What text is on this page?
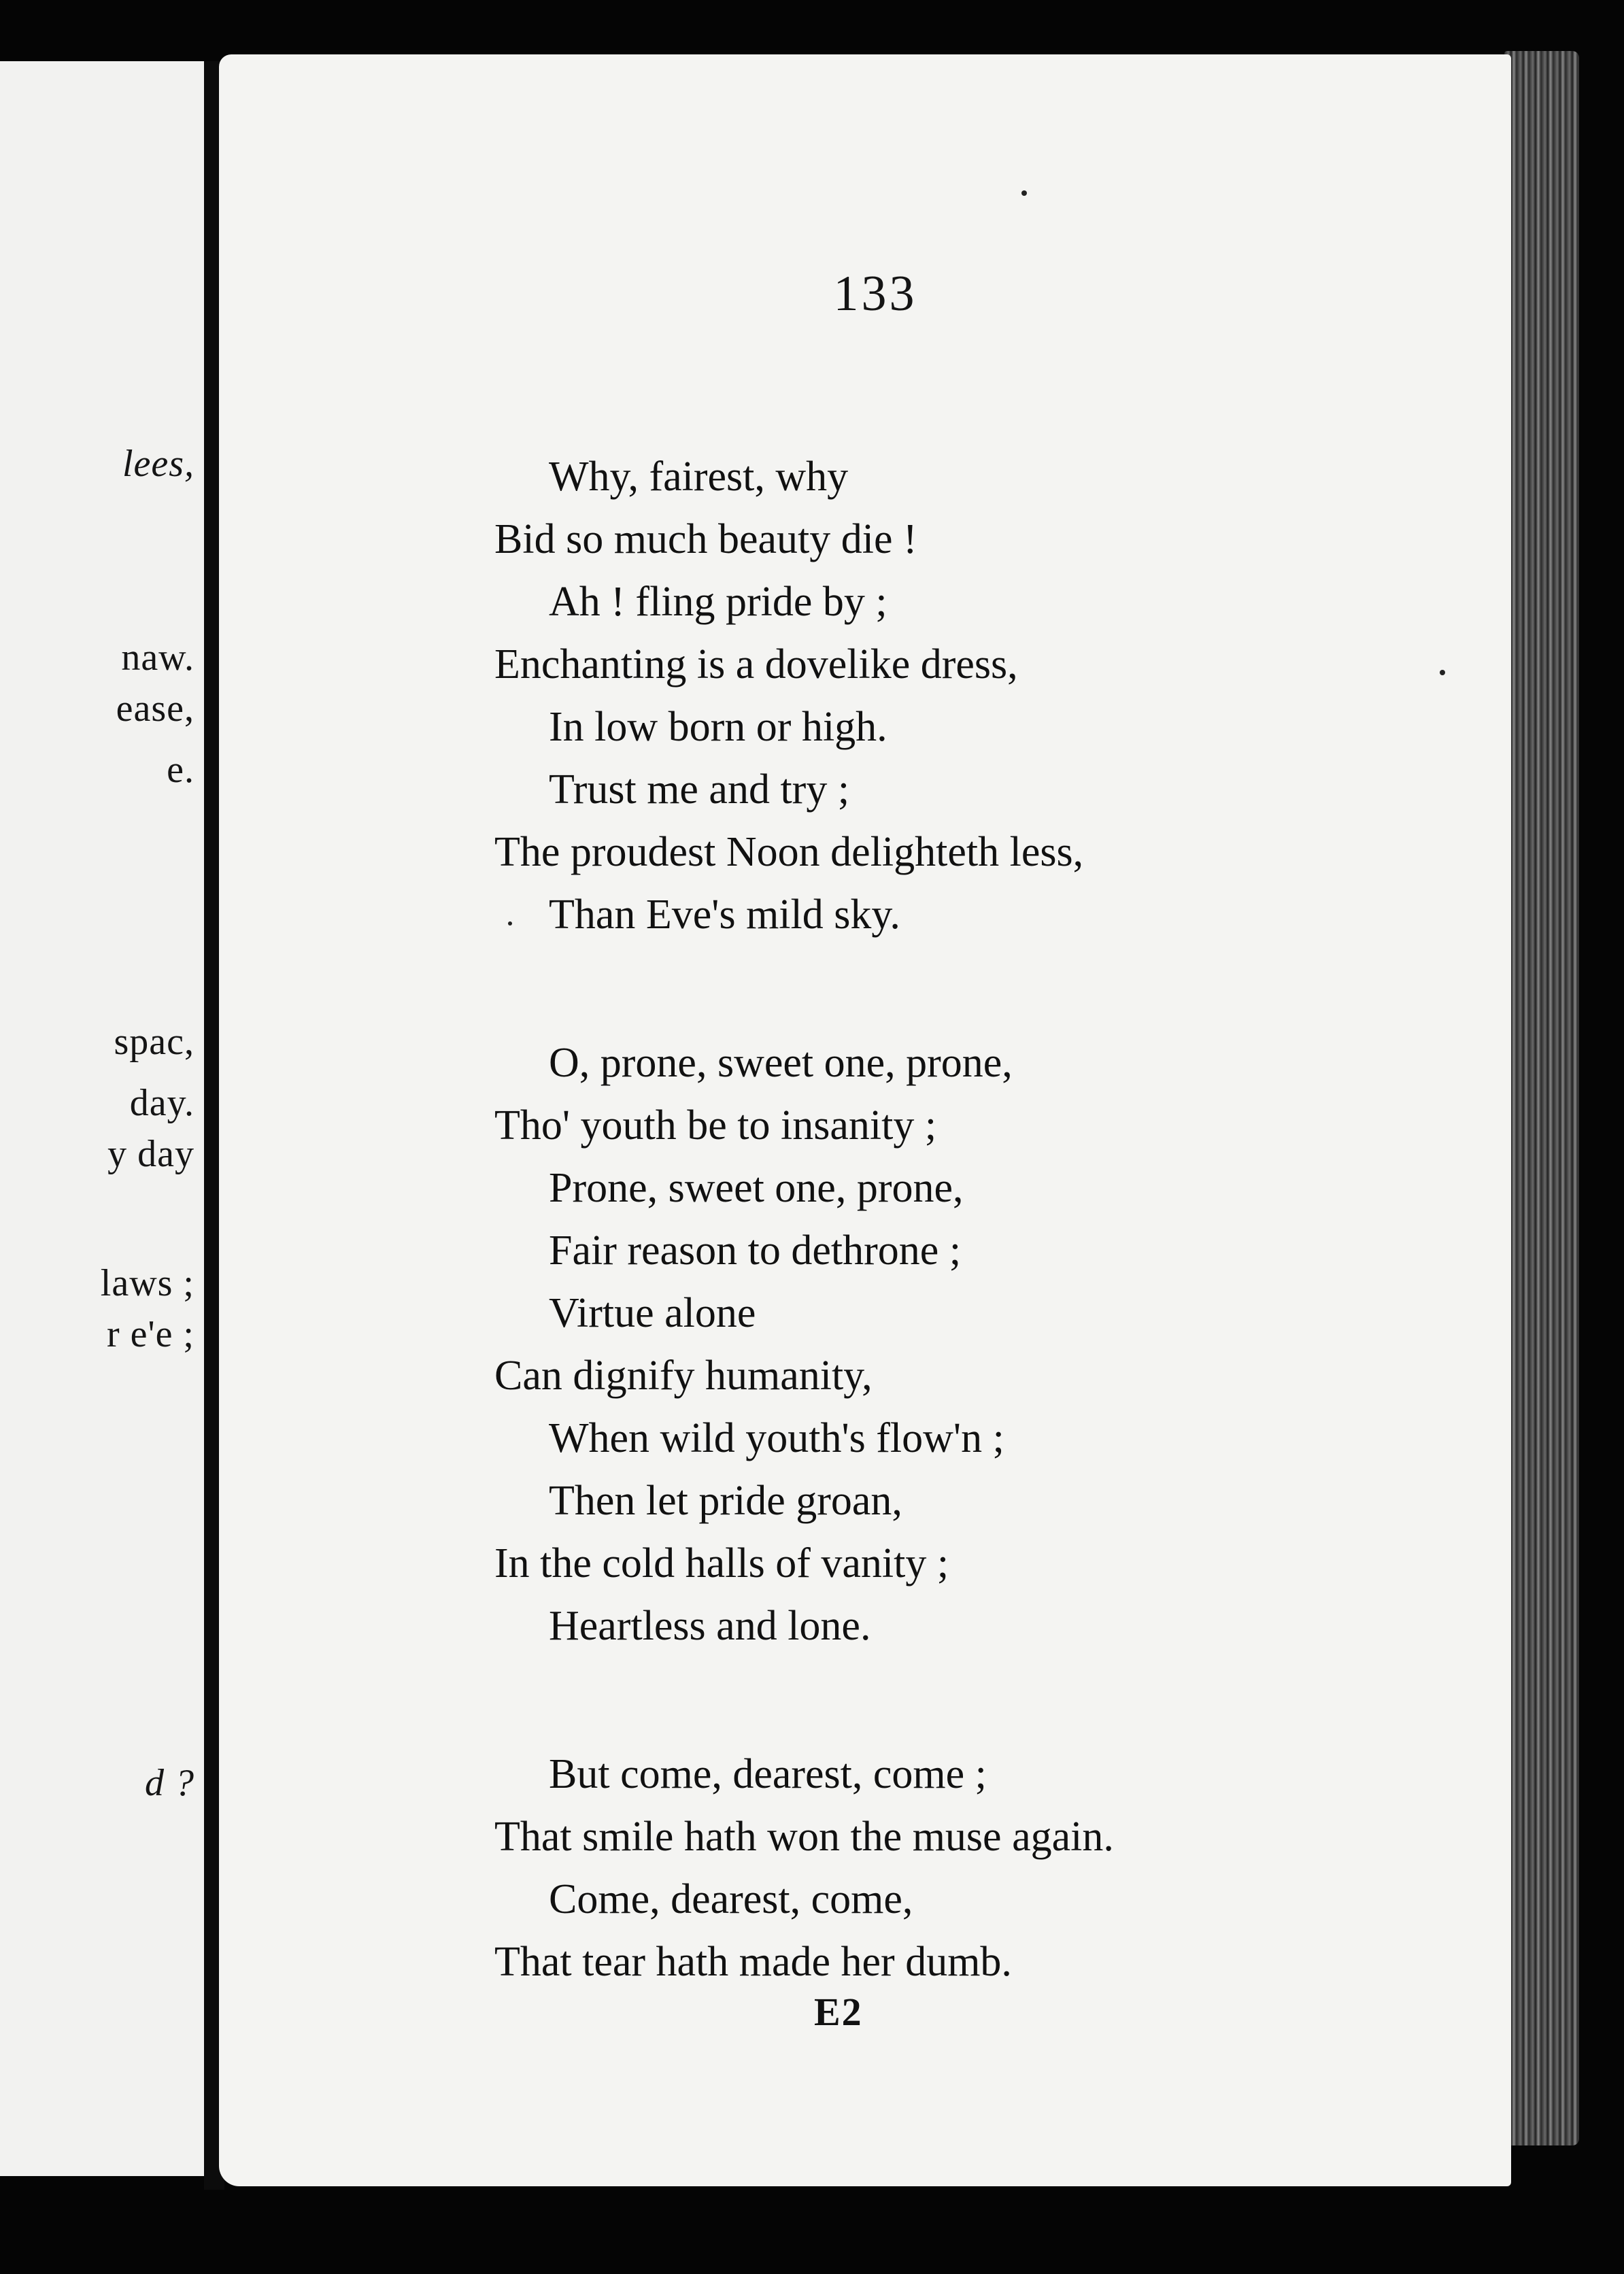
lees,
naw.
ease,
e.
spac,
day.
y day
laws ;
r e'e ;
d ?
133
Why, fairest, why
Bid so much beauty die !
Ah ! fling pride by ;
Enchanting is a dovelike dress,
In low born or high.
Trust me and try ;
The proudest Noon delighteth less,
Than Eve's mild sky.
O, prone, sweet one, prone,
Tho' youth be to insanity ;
Prone, sweet one, prone,
Fair reason to dethrone ;
Virtue alone
Can dignify humanity,
When wild youth's flow'n ;
Then let pride groan,
In the cold halls of vanity ;
Heartless and lone.
But come, dearest, come ;
That smile hath won the muse again.
Come, dearest, come,
That tear hath made her dumb.
E2
